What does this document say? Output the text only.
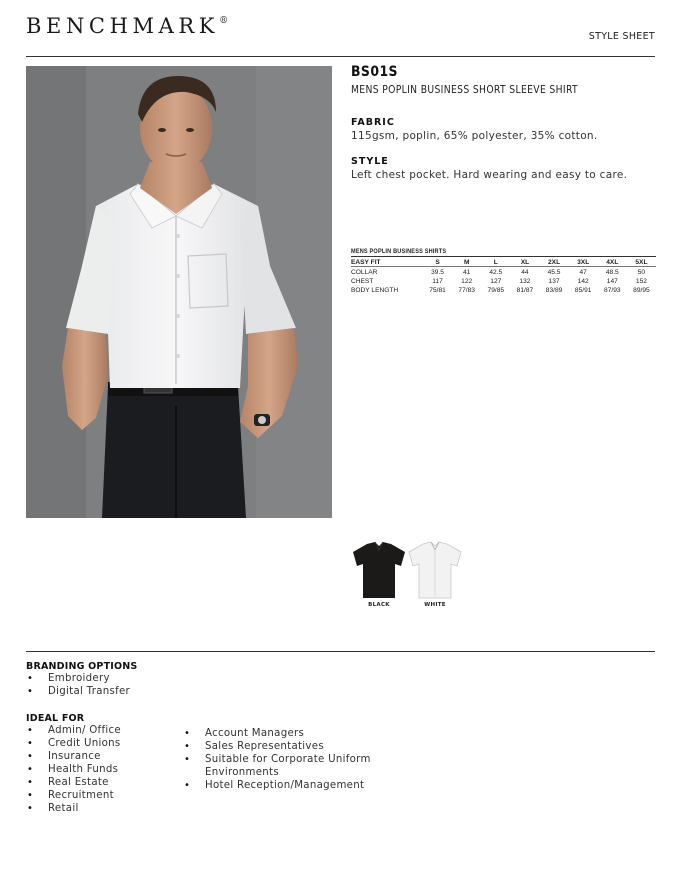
BENCHMARK®
STYLE SHEET
BS01S
MENS POPLIN BUSINESS SHORT SLEEVE SHIRT
FABRIC
115gsm, poplin, 65% polyester, 35% cotton.
STYLE
Left chest pocket. Hard wearing and easy to care.
MENS POPLIN BUSINESS SHIRTS
EASY FIT	S	M	L	XL	2XL	3XL	4XL	5XL
COLLAR	39.5	41	42.5	44	45.5	47	48.5	50
CHEST	117	122	127	132	137	142	147	152
BODY LENGTH	75/81	77/83	79/85	81/87	83/89	85/91	87/93	89/95
BLACK	WHITE
BRANDING OPTIONS
• Embroidery
• Digital Transfer
IDEAL FOR
• Admin/ Office
• Credit Unions
• Insurance
• Health Funds
• Real Estate
• Recruitment
• Retail
• Account Managers
• Sales Representatives
• Suitable for Corporate Uniform Environments
• Hotel Reception/Management
